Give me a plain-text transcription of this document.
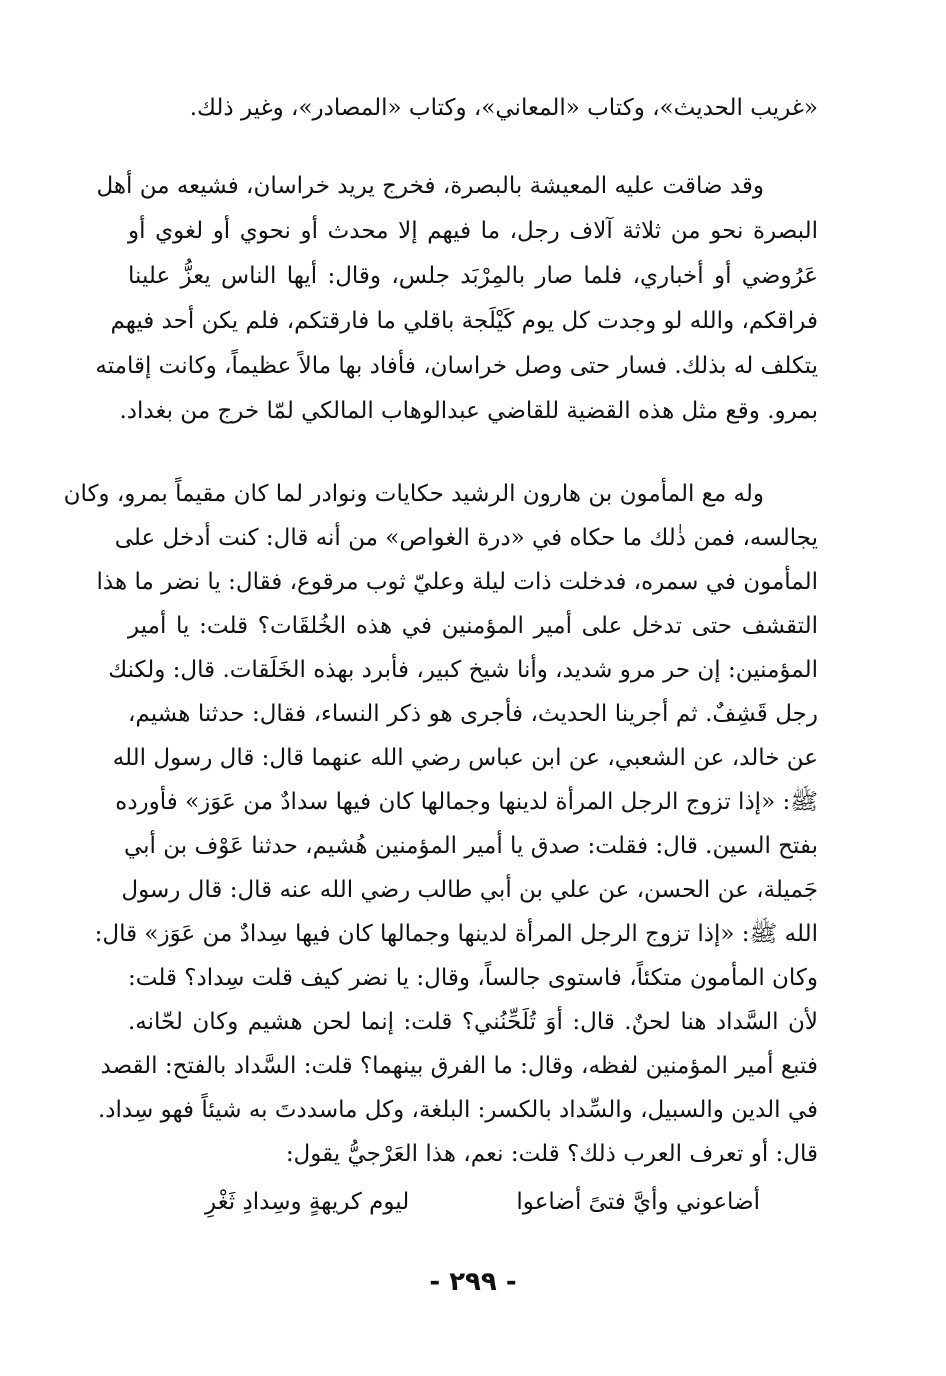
«غريب الحديث»، وكتاب «المعاني»، وكتاب «المصادر»، وغير ذلك.
وقد ضاقت عليه المعيشة بالبصرة، فخرج يريد خراسان، فشيعه من أهل
البصرة نحو من ثلاثة آلاف رجل، ما فيهم إلا محدث أو نحوي أو لغوي أو
عَرُوضي أو أخباري، فلما صار بالمِرْبَد جلس، وقال: أيها الناس يعزُّ علينا
فراقكم، والله لو وجدت كل يوم كَيْلَجة باقلي ما فارقتكم، فلم يكن أحد فيهم
يتكلف له بذلك. فسار حتى وصل خراسان، فأفاد بها مالاً عظيماً، وكانت إقامته
بمرو. وقع مثل هذه القضية للقاضي عبدالوهاب المالكي لمّا خرج من بغداد.
وله مع المأمون بن هارون الرشيد حكايات ونوادر لما كان مقيماً بمرو، وكان
يجالسه، فمن ذٰلك ما حكاه في «درة الغواص» من أنه قال: كنت أدخل على
المأمون في سمره، فدخلت ذات ليلة وعليّ ثوب مرقوع، فقال: يا نضر ما هذا
التقشف حتى تدخل على أمير المؤمنين في هذه الخُلقَات؟ قلت: يا أمير
المؤمنين: إن حر مرو شديد، وأنا شيخ كبير، فأبرد بهذه الخَلَقات. قال: ولكنك
رجل قَشِفٌ. ثم أجرينا الحديث، فأجرى هو ذكر النساء، فقال: حدثنا هشيم،
عن خالد، عن الشعبي، عن ابن عباس رضي الله عنهما قال: قال رسول الله
ﷺ: «إذا تزوج الرجل المرأة لدينها وجمالها كان فيها سدادٌ من عَوَز» فأورده
بفتح السين. قال: فقلت: صدق يا أمير المؤمنين هُشيم، حدثنا عَوْف بن أبي
جَميلة، عن الحسن، عن علي بن أبي طالب رضي الله عنه قال: قال رسول
الله ﷺ: «إذا تزوج الرجل المرأة لدينها وجمالها كان فيها سِدادٌ من عَوَز» قال:
وكان المأمون متكئاً، فاستوى جالساً، وقال: يا نضر كيف قلت سِداد؟ قلت:
لأن السَّداد هنا لحنٌ. قال: أوَ تُلَحِّنُني؟ قلت: إنما لحن هشيم وكان لحّانه.
فتبع أمير المؤمنين لفظه، وقال: ما الفرق بينهما؟ قلت: السَّداد بالفتح: القصد
في الدين والسبيل، والسِّداد بالكسر: البلغة، وكل ماسددتَ به شيئاً فهو سِداد.
قال: أو تعرف العرب ذلك؟ قلت: نعم، هذا العَرْجيُّ يقول:
أضاعوني وأيَّ فتىً أضاعوا
ليوم كريهةٍ وسِدادِ ثَغْرِ
- ٢٩٩ -
